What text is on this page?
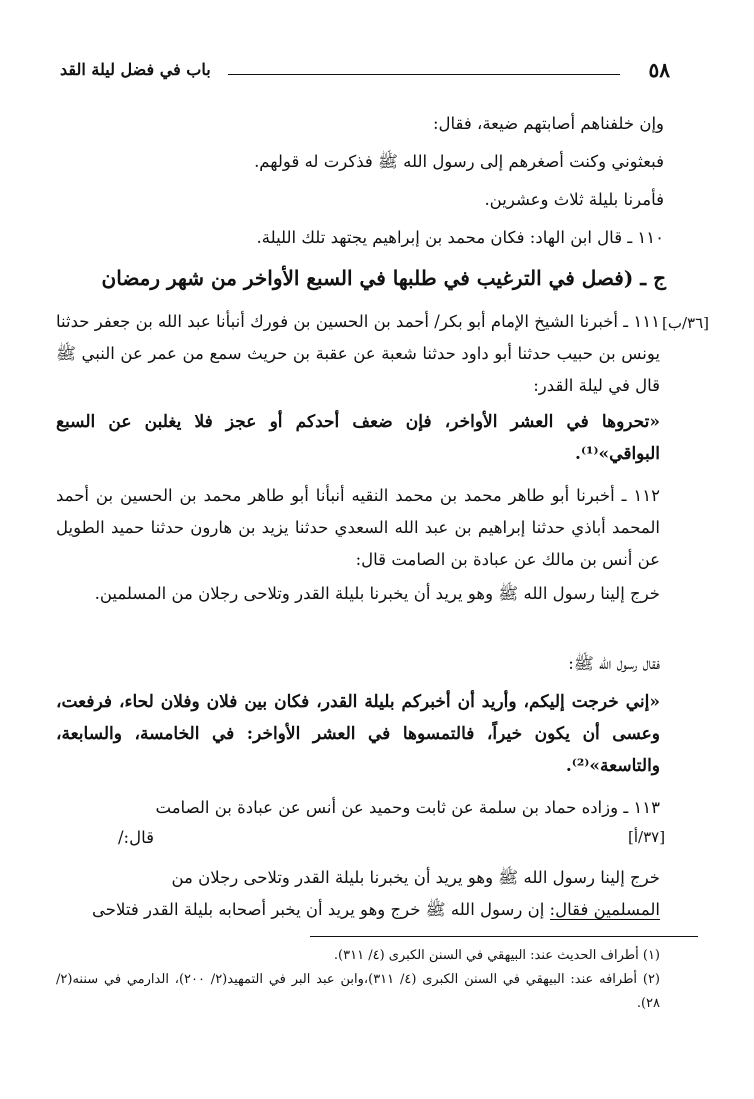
باب في فضل ليلة القد	٥٨
وإن خلفناهم أصابتهم ضيعة، فقال:
فبعثوني وكنت أصغرهم إلى رسول الله ﷺ فذكرت له قولهم.
فأمرنا بليلة ثلاث وعشرين.
١١٠ ـ قال ابن الهاد: فكان محمد بن إبراهيم يجتهد تلك الليلة.
ج ـ (فصل في الترغيب في طلبها في السبع الأواخر من شهر رمضان
[٣٦/ب]
١١١ ـ أخبرنا الشيخ الإمام أبو بكر/ أحمد بن الحسين بن فورك أنبأنا عبد الله بن جعفر حدثنا يونس بن حبيب حدثنا أبو داود حدثنا شعبة عن عقبة بن حريث سمع من عمر عن النبي ﷺ قال في ليلة القدر:
«تحروها في العشر الأواخر، فإن ضعف أحدكم أو عجز فلا يغلبن عن السبع البواقي»⁽¹⁾.
١١٢ ـ أخبرنا أبو طاهر محمد بن محمد النقيه أنبأنا أبو طاهر محمد بن الحسين بن أحمد المحمد أباذي حدثنا إبراهيم بن عبد الله السعدي حدثنا يزيد بن هارون حدثنا حميد الطويل عن أنس بن مالك عن عبادة بن الصامت قال:
خرج إلينا رسول الله ﷺ وهو يريد أن يخبرنا بليلة القدر وتلاحى رجلان من المسلمين.
فقال رسول الله ﷺ:
«إني خرجت إليكم، وأريد أن أخبركم بليلة القدر، فكان بين فلان وفلان لحاء، فرفعت، وعسى أن يكون خيراً، فالتمسوها في العشر الأواخر: في الخامسة، والسابعة، والتاسعة»⁽²⁾.
١١٣ ـ وزاده حماد بن سلمة عن ثابت وحميد عن أنس عن عبادة بن الصامت
[٣٧/أ]
قال:/
خرج إلينا رسول الله ﷺ وهو يريد أن يخبرنا بليلة القدر وتلاحى رجلان من
المسلمين فقال: إن رسول الله ﷺ خرج وهو يريد أن يخبر أصحابه بليلة القدر فتلاحى
(١) أطراف الحديث عند: البيهقي في السنن الكبرى (٤/ ٣١١).
(٢) أطرافه عند: البيهقي في السنن الكبرى (٤/ ٣١١)،وابن عبد البر في التمهيد(٢/ ٢٠٠)، الدارمي في سننه(٢/ ٢٨).
